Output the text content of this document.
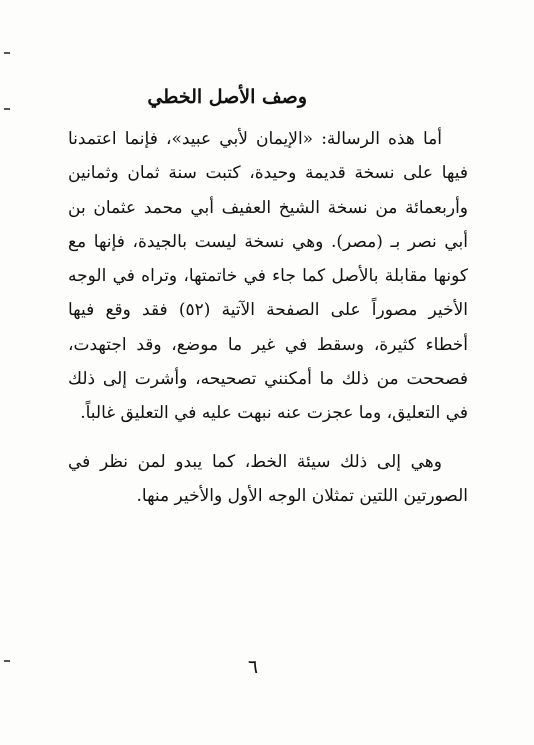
وصف الأصل الخطي

أما هذه الرسالة: «الإيمان لأبي عبيد»، فإنما اعتمدنا فيها على نسخة قديمة وحيدة، كتبت سنة ثمان وثمانين وأربعمائة من نسخة الشيخ العفيف أبي محمد عثمان بن أبي نصر بـ (مصر). وهي نسخة ليست بالجيدة، فإنها مع كونها مقابلة بالأصل كما جاء في خاتمتها، وتراه في الوجه الأخير مصوراً على الصفحة الآتية (٥٢) فقد وقع فيها أخطاء كثيرة، وسقط في غير ما موضع، وقد اجتهدت، فصححت من ذلك ما أمكنني تصحيحه، وأشرت إلى ذلك في التعليق، وما عجزت عنه نبهت عليه في التعليق غالباً.

وهي إلى ذلك سيئة الخط، كما يبدو لمن نظر في الصورتين اللتين تمثلان الوجه الأول والأخير منها.

٦
